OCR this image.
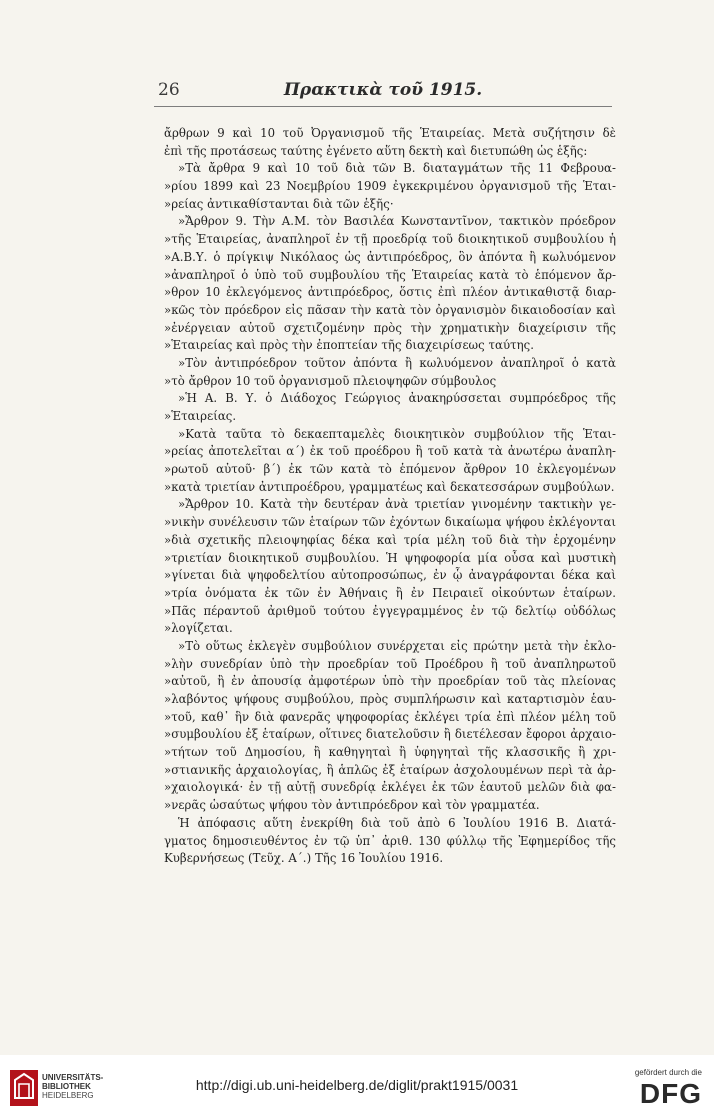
26	Πρακτικὰ τοῦ 1915.
ἄρθρων 9 καὶ 10 τοῦ Ὀργανισμοῦ τῆς Ἑταιρείας. Μετὰ συζήτησιν δὲ
ἐπὶ τῆς προτάσεως ταύτης ἐγένετο αὕτη δεκτὴ καὶ διετυπώθη ὡς ἑξῆς:
»Τὰ ἄρθρα 9 καὶ 10 τοῦ διὰ τῶν Β. διαταγμάτων τῆς 11 Φεβρουα-
»ρίου 1899 καὶ 23 Νοεμβρίου 1909 ἐγκεκριμένου ὀργανισμοῦ τῆς Ἑται-
»ρείας ἀντικαθίστανται διὰ τῶν ἑξῆς·
»Ἄρθρον 9. Τὴν Α.Μ. τὸν Βασιλέα Κωνσταντῖνον, τακτικὸν πρόεδρον
»τῆς Ἑταιρείας, ἀναπληροῖ ἐν τῇ προεδρίᾳ τοῦ διοικητικοῦ συμβουλίου ἡ
»Α.Β.Υ. ὁ πρίγκιψ Νικόλαος ὡς ἀντιπρόεδρος, ὃν ἀπόντα ἢ κωλυόμενον
»ἀναπληροῖ ὁ ὑπὸ τοῦ συμβουλίου τῆς Ἑταιρείας κατὰ τὸ ἑπόμενον ἄρ-
»θρον 10 ἐκλεγόμενος ἀντιπρόεδρος, ὅστις ἐπὶ πλέον ἀντικαθιστᾷ διαρ-
»κῶς τὸν πρόεδρον εἰς πᾶσαν τὴν κατὰ τὸν ὀργανισμὸν δικαιοδοσίαν καὶ
»ἐνέργειαν αὐτοῦ σχετιζομένην πρὸς τὴν χρηματικὴν διαχείρισιν τῆς
»Ἑταιρείας καὶ πρὸς τὴν ἐποπτείαν τῆς διαχειρίσεως ταύτης.
»Τὸν ἀντιπρόεδρον τοῦτον ἀπόντα ἢ κωλυόμενον ἀναπληροῖ ὁ κατὰ
»τὸ ἄρθρον 10 τοῦ ὀργανισμοῦ πλειοψηφῶν σύμβουλος
»Ἡ Α. Β. Υ. ὁ Διάδοχος Γεώργιος ἀνακηρύσσεται συμπρόεδρος τῆς
»Ἑταιρείας.
»Κατὰ ταῦτα τὸ δεκαεπταμελὲς διοικητικὸν συμβούλιον τῆς Ἑται-
»ρείας ἀποτελεῖται α΄) ἐκ τοῦ προέδρου ἢ τοῦ κατὰ τὰ ἀνωτέρω ἀναπλη-
»ρωτοῦ αὐτοῦ· β΄) ἐκ τῶν κατὰ τὸ ἑπόμενον ἄρθρον 10 ἐκλεγομένων
»κατὰ τριετίαν ἀντιπροέδρου, γραμματέως καὶ δεκατεσσάρων συμβούλων.
»Ἄρθρον 10. Κατὰ τὴν δευτέραν ἀνὰ τριετίαν γινομένην τακτικὴν γε-
»νικὴν συνέλευσιν τῶν ἑταίρων τῶν ἐχόντων δικαίωμα ψήφου ἐκλέγονται
»διὰ σχετικῆς πλειοψηφίας δέκα καὶ τρία μέλη τοῦ διὰ τὴν ἐρχομένην
»τριετίαν διοικητικοῦ συμβουλίου. Ἡ ψηφοφορία μία οὖσα καὶ μυστικὴ
»γίνεται διὰ ψηφοδελτίου αὐτοπροσώπως, ἐν ᾧ ἀναγράφονται δέκα καὶ
»τρία ὀνόματα ἐκ τῶν ἐν Ἀθήναις ἢ ἐν Πειραιεῖ οἰκούντων ἑταίρων.
»Πᾶς πέραντοῦ ἀριθμοῦ τούτου ἐγγεγραμμένος ἐν τῷ δελτίῳ οὐδόλως
»λογίζεται.
»Τὸ οὕτως ἐκλεγὲν συμβούλιον συνέρχεται εἰς πρώτην μετὰ τὴν ἐκλο-
»λὴν συνεδρίαν ὑπὸ τὴν προεδρίαν τοῦ Προέδρου ἢ τοῦ ἀναπληρωτοῦ
»αὐτοῦ, ἢ ἐν ἀπουσίᾳ ἀμφοτέρων ὑπὸ τὴν προεδρίαν τοῦ τὰς πλείονας
»λαβόντος ψήφους συμβούλου, πρὸς συμπλήρωσιν καὶ καταρτισμὸν ἑαυ-
»τοῦ, καθ᾿ ἣν διὰ φανερᾶς ψηφοφορίας ἐκλέγει τρία ἐπὶ πλέον μέλη τοῦ
»συμβουλίου ἐξ ἑταίρων, οἵτινες διατελοῦσιν ἢ διετέλεσαν ἔφοροι ἀρχαιο-
»τήτων τοῦ Δημοσίου, ἢ καθηγηταὶ ἢ ὑφηγηταὶ τῆς κλασσικῆς ἢ χρι-
»στιανικῆς ἀρχαιολογίας, ἢ ἁπλῶς ἐξ ἑταίρων ἀσχολουμένων περὶ τὰ ἀρ-
»χαιολογικά· ἐν τῇ αὐτῇ συνεδρίᾳ ἐκλέγει ἐκ τῶν ἑαυτοῦ μελῶν διὰ φα-
»νερᾶς ὡσαύτως ψήφου τὸν ἀντιπρόεδρον καὶ τὸν γραμματέα.
Ἡ ἀπόφασις αὕτη ἐνεκρίθη διὰ τοῦ ἀπὸ 6 Ἰουλίου 1916 Β. Διατά-
γματος δημοσιευθέντος ἐν τῷ ὑπ᾿ ἀριθ. 130 φύλλῳ τῆς Ἐφημερίδος τῆς
Κυβερνήσεως (Τεῦχ. Α΄.) Τῆς 16 Ἰουλίου 1916.
UNIVERSITÄTS-
BIBLIOTHEK
HEIDELBERG
http://digi.ub.uni-heidelberg.de/diglit/prakt1915/0031
gefördert durch die
DFG
